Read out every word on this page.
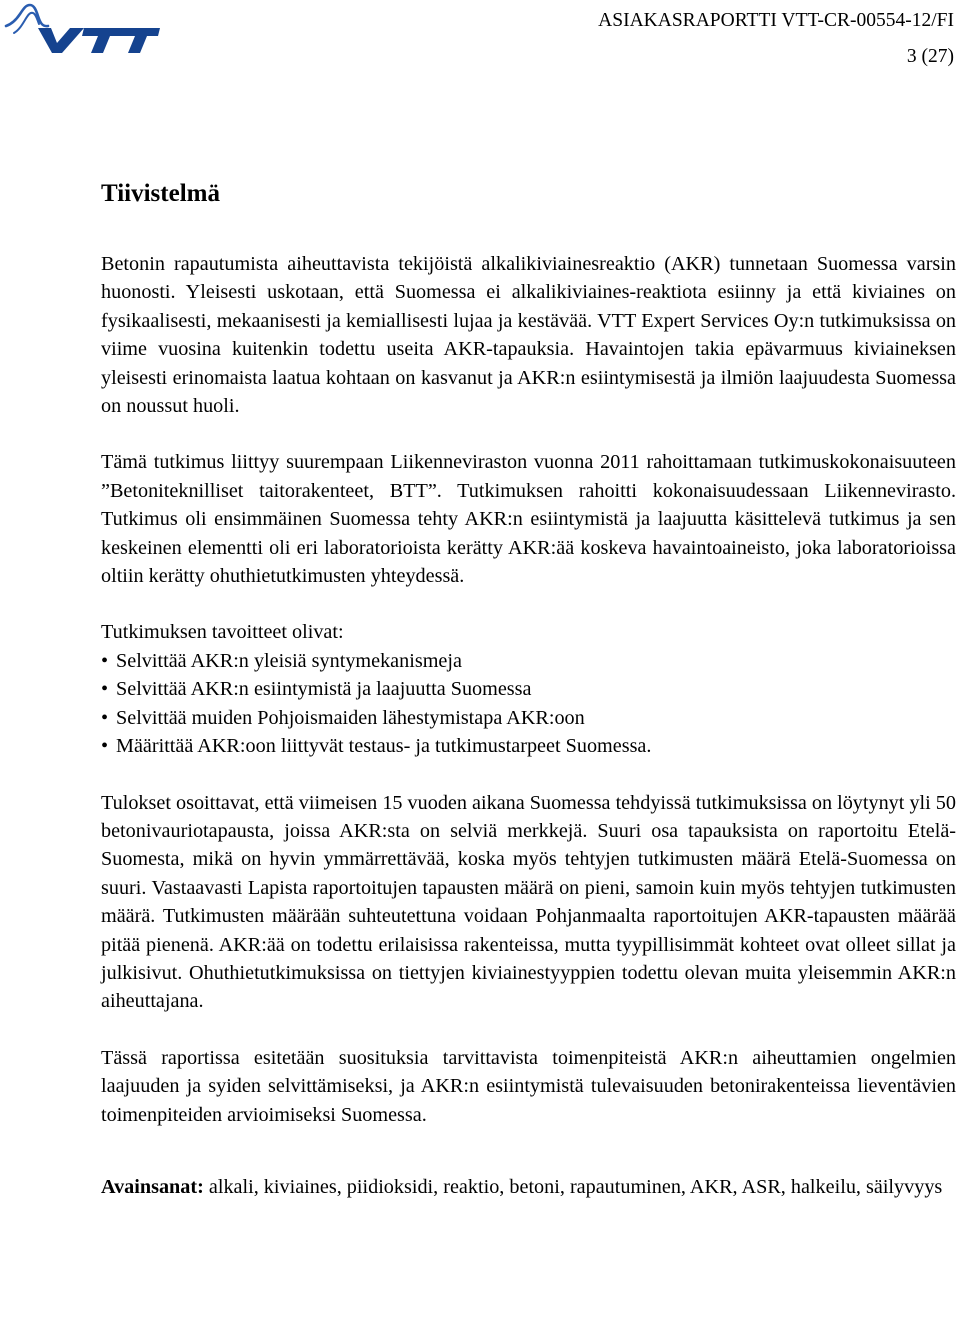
ASIAKASRAPORTTI VTT-CR-00554-12/FI
3 (27)
Tiivistelmä

Betonin rapautumista aiheuttavista tekijöistä alkalikiviainesreaktio (AKR) tunnetaan Suomessa varsin huonosti. Yleisesti uskotaan, että Suomessa ei alkalikiviaines-reaktiota esiinny ja että kiviaines on fysikaalisesti, mekaanisesti ja kemiallisesti lujaa ja kestävää. VTT Expert Services Oy:n tutkimuksissa on viime vuosina kuitenkin todettu useita AKR-tapauksia. Havaintojen takia epävarmuus kiviaineksen yleisesti erinomaista laatua kohtaan on kasvanut ja AKR:n esiintymisestä ja ilmiön laajuudesta Suomessa on noussut huoli.

Tämä tutkimus liittyy suurempaan Liikenneviraston vuonna 2011 rahoittamaan tutkimuskokonaisuuteen ”Betoniteknilliset taitorakenteet, BTT”. Tutkimuksen rahoitti kokonaisuudessaan Liikennevirasto. Tutkimus oli ensimmäinen Suomessa tehty AKR:n esiintymistä ja laajuutta käsittelevä tutkimus ja sen keskeinen elementti oli eri laboratorioista kerätty AKR:ää koskeva havaintoaineisto, joka laboratorioissa oltiin kerätty ohuthietutkimusten yhteydessä.

Tutkimuksen tavoitteet olivat:

• Selvittää AKR:n yleisiä syntymekanismeja
• Selvittää AKR:n esiintymistä ja laajuutta Suomessa
• Selvittää muiden Pohjoismaiden lähestymistapa AKR:oon
• Määrittää AKR:oon liittyvät testaus- ja tutkimustarpeet Suomessa.

Tulokset osoittavat, että viimeisen 15 vuoden aikana Suomessa tehdyissä tutkimuksissa on löytynyt yli 50 betonivauriotapausta, joissa AKR:sta on selviä merkkejä. Suuri osa tapauksista on raportoitu Etelä-Suomesta, mikä on hyvin ymmärrettävää, koska myös tehtyjen tutkimusten määrä Etelä-Suomessa on suuri. Vastaavasti Lapista raportoitujen tapausten määrä on pieni, samoin kuin myös tehtyjen tutkimusten määrä. Tutkimusten määrään suhteutettuna voidaan Pohjanmaalta raportoitujen AKR-tapausten määrää pitää pienenä. AKR:ää on todettu erilaisissa rakenteissa, mutta tyypillisimmät kohteet ovat olleet sillat ja julkisivut. Ohuthietutkimuksissa on tiettyjen kiviainestyyppien todettu olevan muita yleisemmin AKR:n aiheuttajana.

Tässä raportissa esitetään suosituksia tarvittavista toimenpiteistä AKR:n aiheuttamien ongelmien laajuuden ja syiden selvittämiseksi, ja AKR:n esiintymistä tulevaisuuden betonirakenteissa lieventävien toimenpiteiden arvioimiseksi Suomessa.

Avainsanat: alkali, kiviaines, piidioksidi, reaktio, betoni, rapautuminen, AKR, ASR, halkeilu, säilyvyys
